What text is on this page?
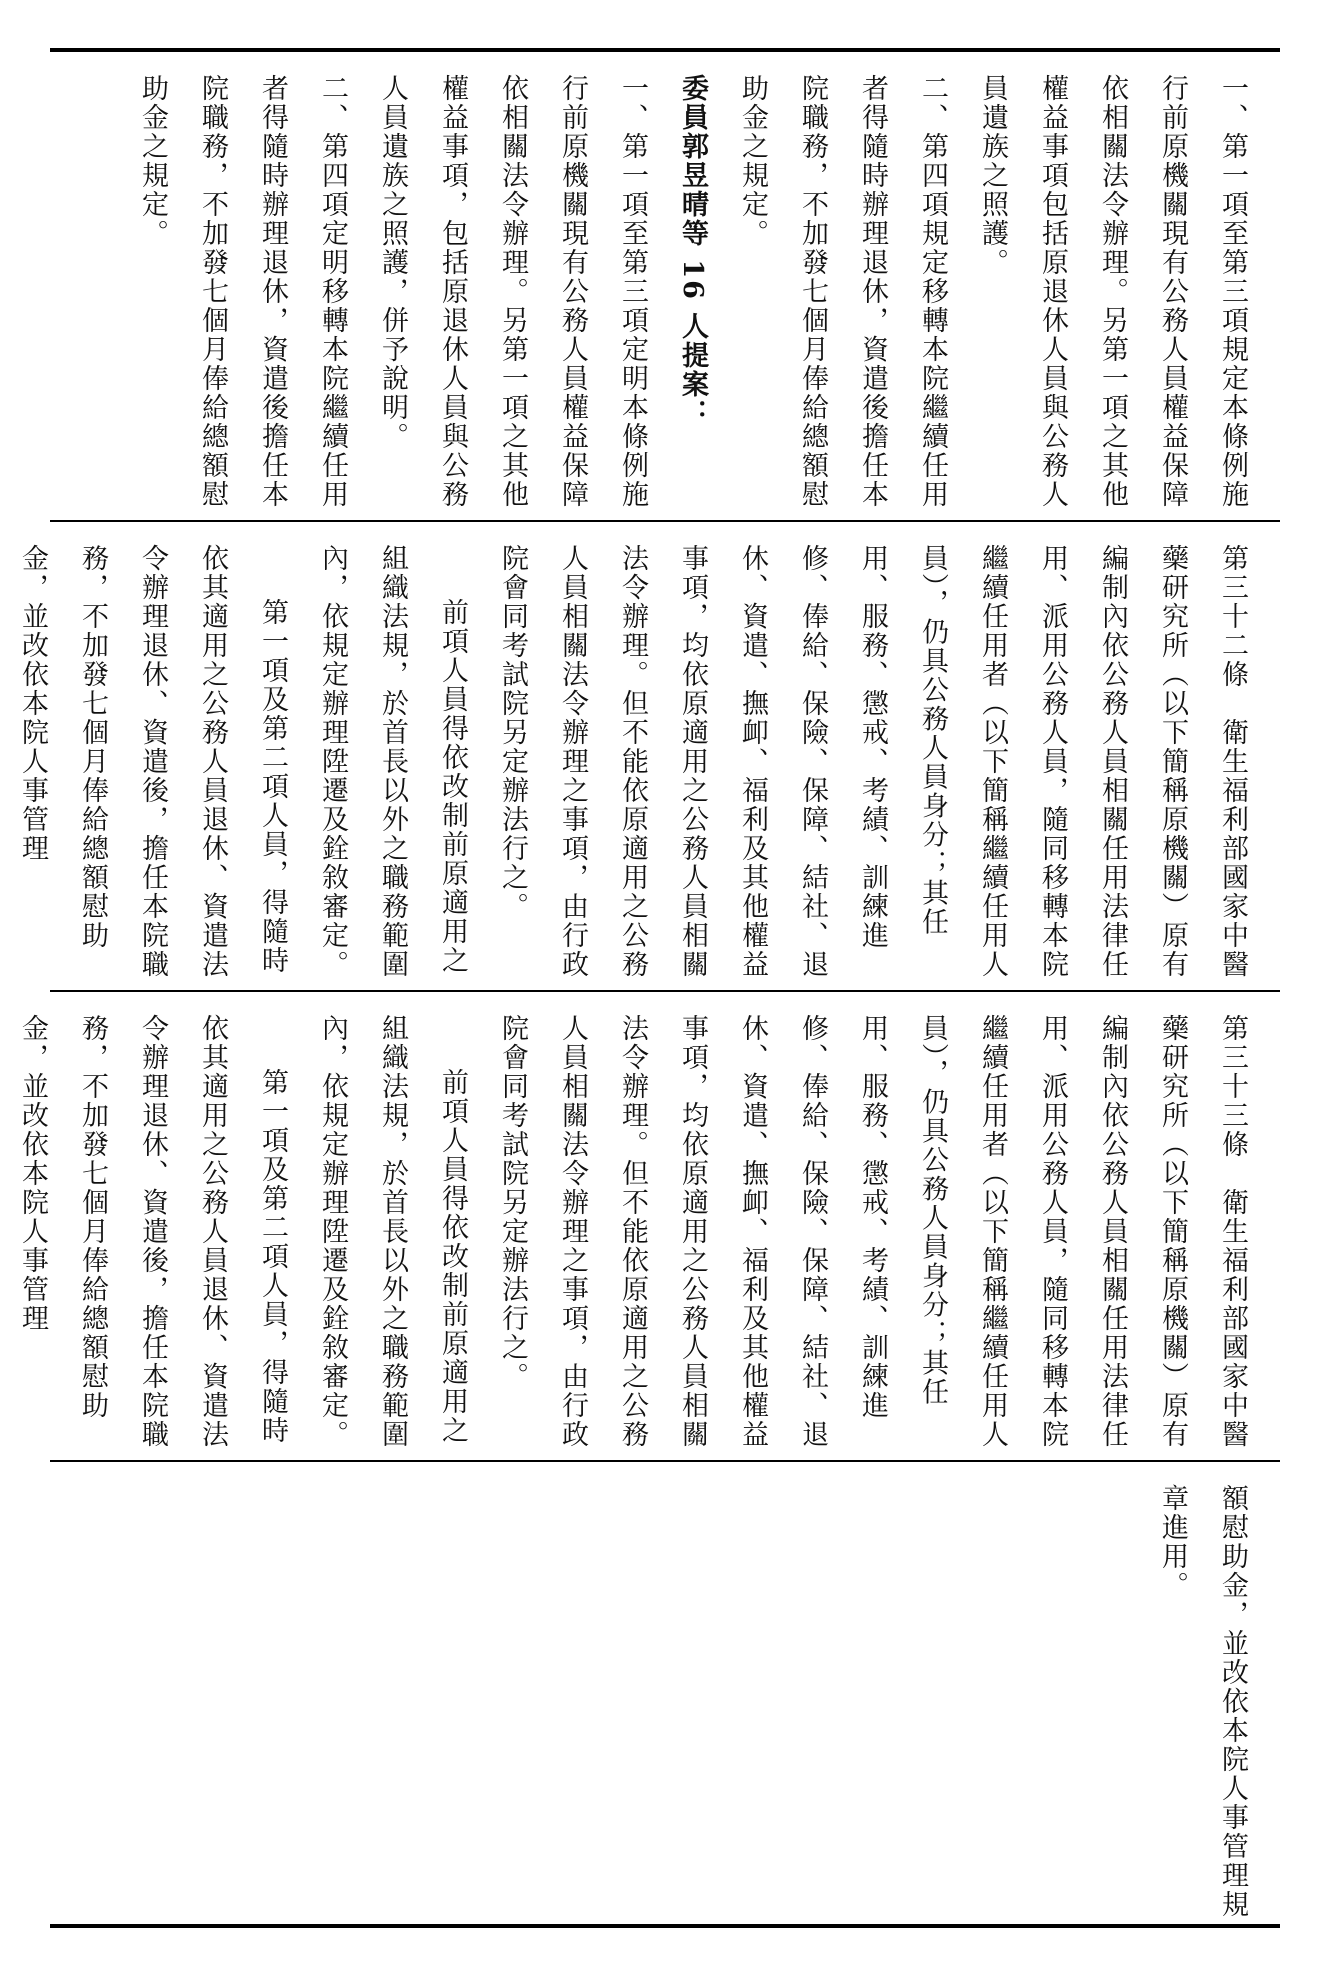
一、第一項至第三項規定本條例施行前原機關現有公務人員權益保障依相關法令辦理。另第一項之其他權益事項包括原退休人員與公務人員遺族之照護。
二、第四項規定移轉本院繼續任用者得隨時辦理退休，資遣後擔任本院職務，不加發七個月俸給總額慰助金之規定。
委員郭昱晴等 16 人提案：
一、第一項至第三項定明本條例施行前原機關現有公務人員權益保障依相關法令辦理。另第一項之其他權益事項，包括原退休人員與公務人員遺族之照護，併予說明。
二、第四項定明移轉本院繼續任用者得隨時辦理退休，資遣後擔任本院職務，不加發七個月俸給總額慰助金之規定。
第三十二條　衛生福利部國家中醫藥研究所（以下簡稱原機關）原有編制內依公務人員相關任用法律任用、派用公務人員，隨同移轉本院繼續任用者（以下簡稱繼續任用人員），仍具公務人員身分；其任用、服務、懲戒、考績、訓練進修、俸給、保險、保障、結社、退休、資遣、撫卹、福利及其他權益事項，均依原適用之公務人員相關法令辦理。但不能依原適用之公務人員相關法令辦理之事項，由行政院會同考試院另定辦法行之。
前項人員得依改制前原適用之組織法規，於首長以外之職務範圍內，依規定辦理陞遷及銓敘審定。
第一項及第二項人員，得隨時依其適用之公務人員退休、資遣法令辦理退休、資遣後，擔任本院職務，不加發七個月俸給總額慰助金，並改依本院人事管理
第三十三條　衛生福利部國家中醫藥研究所（以下簡稱原機關）原有編制內依公務人員相關任用法律任用、派用公務人員，隨同移轉本院繼續任用者（以下簡稱繼續任用人員），仍具公務人員身分；其任用、服務、懲戒、考績、訓練進修、俸給、保險、保障、結社、退休、資遣、撫卹、福利及其他權益事項，均依原適用之公務人員相關法令辦理。但不能依原適用之公務人員相關法令辦理之事項，由行政院會同考試院另定辦法行之。
前項人員得依改制前原適用之組織法規，於首長以外之職務範圍內，依規定辦理陞遷及銓敘審定。
第一項及第二項人員，得隨時依其適用之公務人員退休、資遣法令辦理退休、資遣後，擔任本院職務，不加發七個月俸給總額慰助金，並改依本院人事管理
額慰助金，並改依本院人事管理規章進用。
